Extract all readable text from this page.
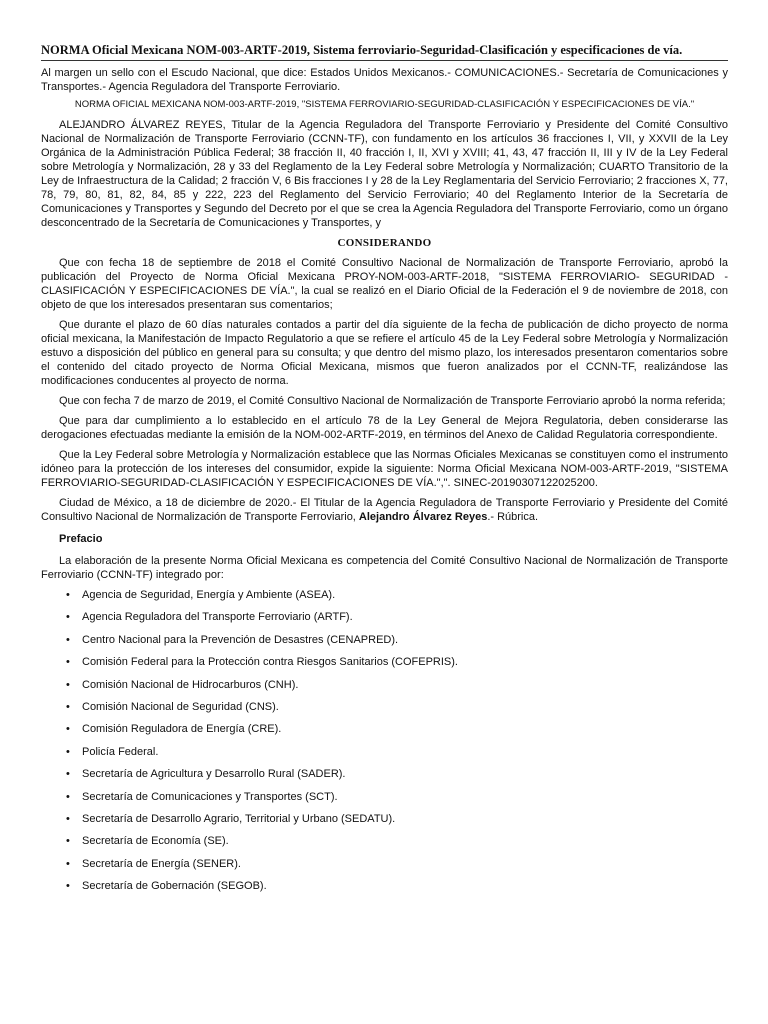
NORMA Oficial Mexicana NOM-003-ARTF-2019, Sistema ferroviario-Seguridad-Clasificación y especificaciones de vía.
Al margen un sello con el Escudo Nacional, que dice: Estados Unidos Mexicanos.- COMUNICACIONES.- Secretaría de Comunicaciones y Transportes.- Agencia Reguladora del Transporte Ferroviario.
NORMA OFICIAL MEXICANA NOM-003-ARTF-2019, "SISTEMA FERROVIARIO-SEGURIDAD-CLASIFICACIÓN Y ESPECIFICACIONES DE VÍA."

ALEJANDRO ÁLVAREZ REYES, Titular de la Agencia Reguladora del Transporte Ferroviario y Presidente del Comité Consultivo Nacional de Normalización de Transporte Ferroviario (CCNN-TF), con fundamento en los artículos 36 fracciones I, VII, y XXVII de la Ley Orgánica de la Administración Pública Federal; 38 fracción II, 40 fracción I, II, XVI y XVIII; 41, 43, 47 fracción II, III y IV de la Ley Federal sobre Metrología y Normalización, 28 y 33 del Reglamento de la Ley Federal sobre Metrología y Normalización; CUARTO Transitorio de la Ley de Infraestructura de la Calidad; 2 fracción V, 6 Bis fracciones I y 28 de la Ley Reglamentaria del Servicio Ferroviario; 2 fracciones X, 77, 78, 79, 80, 81, 82, 84, 85 y 222, 223 del Reglamento del Servicio Ferroviario; 40 del Reglamento Interior de la Secretaría de Comunicaciones y Transportes y Segundo del Decreto por el que se crea la Agencia Reguladora del Transporte Ferroviario, como un órgano desconcentrado de la Secretaría de Comunicaciones y Transportes, y

CONSIDERANDO

Que con fecha 18 de septiembre de 2018 el Comité Consultivo Nacional de Normalización de Transporte Ferroviario, aprobó la publicación del Proyecto de Norma Oficial Mexicana PROY-NOM-003-ARTF-2018, "SISTEMA FERROVIARIO- SEGURIDAD - CLASIFICACIÓN Y ESPECIFICACIONES DE VÍA.", la cual se realizó en el Diario Oficial de la Federación el 9 de noviembre de 2018, con objeto de que los interesados presentaran sus comentarios;

Que durante el plazo de 60 días naturales contados a partir del día siguiente de la fecha de publicación de dicho proyecto de norma oficial mexicana, la Manifestación de Impacto Regulatorio a que se refiere el artículo 45 de la Ley Federal sobre Metrología y Normalización estuvo a disposición del público en general para su consulta; y que dentro del mismo plazo, los interesados presentaron comentarios sobre el contenido del citado proyecto de Norma Oficial Mexicana, mismos que fueron analizados por el CCNN-TF, realizándose las modificaciones conducentes al proyecto de norma.

Que con fecha 7 de marzo de 2019, el Comité Consultivo Nacional de Normalización de Transporte Ferroviario aprobó la norma referida;

Que para dar cumplimiento a lo establecido en el artículo 78 de la Ley General de Mejora Regulatoria, deben considerarse las derogaciones efectuadas mediante la emisión de la NOM-002-ARTF-2019, en términos del Anexo de Calidad Regulatoria correspondiente.

Que la Ley Federal sobre Metrología y Normalización establece que las Normas Oficiales Mexicanas se constituyen como el instrumento idóneo para la protección de los intereses del consumidor, expide la siguiente: Norma Oficial Mexicana NOM-003-ARTF-2019, "SISTEMA FERROVIARIO-SEGURIDAD-CLASIFICACIÓN Y ESPECIFICACIONES DE VÍA.",". SINEC-20190307122025200.

Ciudad de México, a 18 de diciembre de 2020.- El Titular de la Agencia Reguladora de Transporte Ferroviario y Presidente del Comité Consultivo Nacional de Normalización de Transporte Ferroviario, Alejandro Álvarez Reyes.- Rúbrica.

Prefacio

La elaboración de la presente Norma Oficial Mexicana es competencia del Comité Consultivo Nacional de Normalización de Transporte Ferroviario (CCNN-TF) integrado por:

• Agencia de Seguridad, Energía y Ambiente (ASEA).
• Agencia Reguladora del Transporte Ferroviario (ARTF).
• Centro Nacional para la Prevención de Desastres (CENAPRED).
• Comisión Federal para la Protección contra Riesgos Sanitarios (COFEPRIS).
• Comisión Nacional de Hidrocarburos (CNH).
• Comisión Nacional de Seguridad (CNS).
• Comisión Reguladora de Energía (CRE).
• Policía Federal.
• Secretaría de Agricultura y Desarrollo Rural (SADER).
• Secretaría de Comunicaciones y Transportes (SCT).
• Secretaría de Desarrollo Agrario, Territorial y Urbano (SEDATU).
• Secretaría de Economía (SE).
• Secretaría de Energía (SENER).
• Secretaría de Gobernación (SEGOB).
